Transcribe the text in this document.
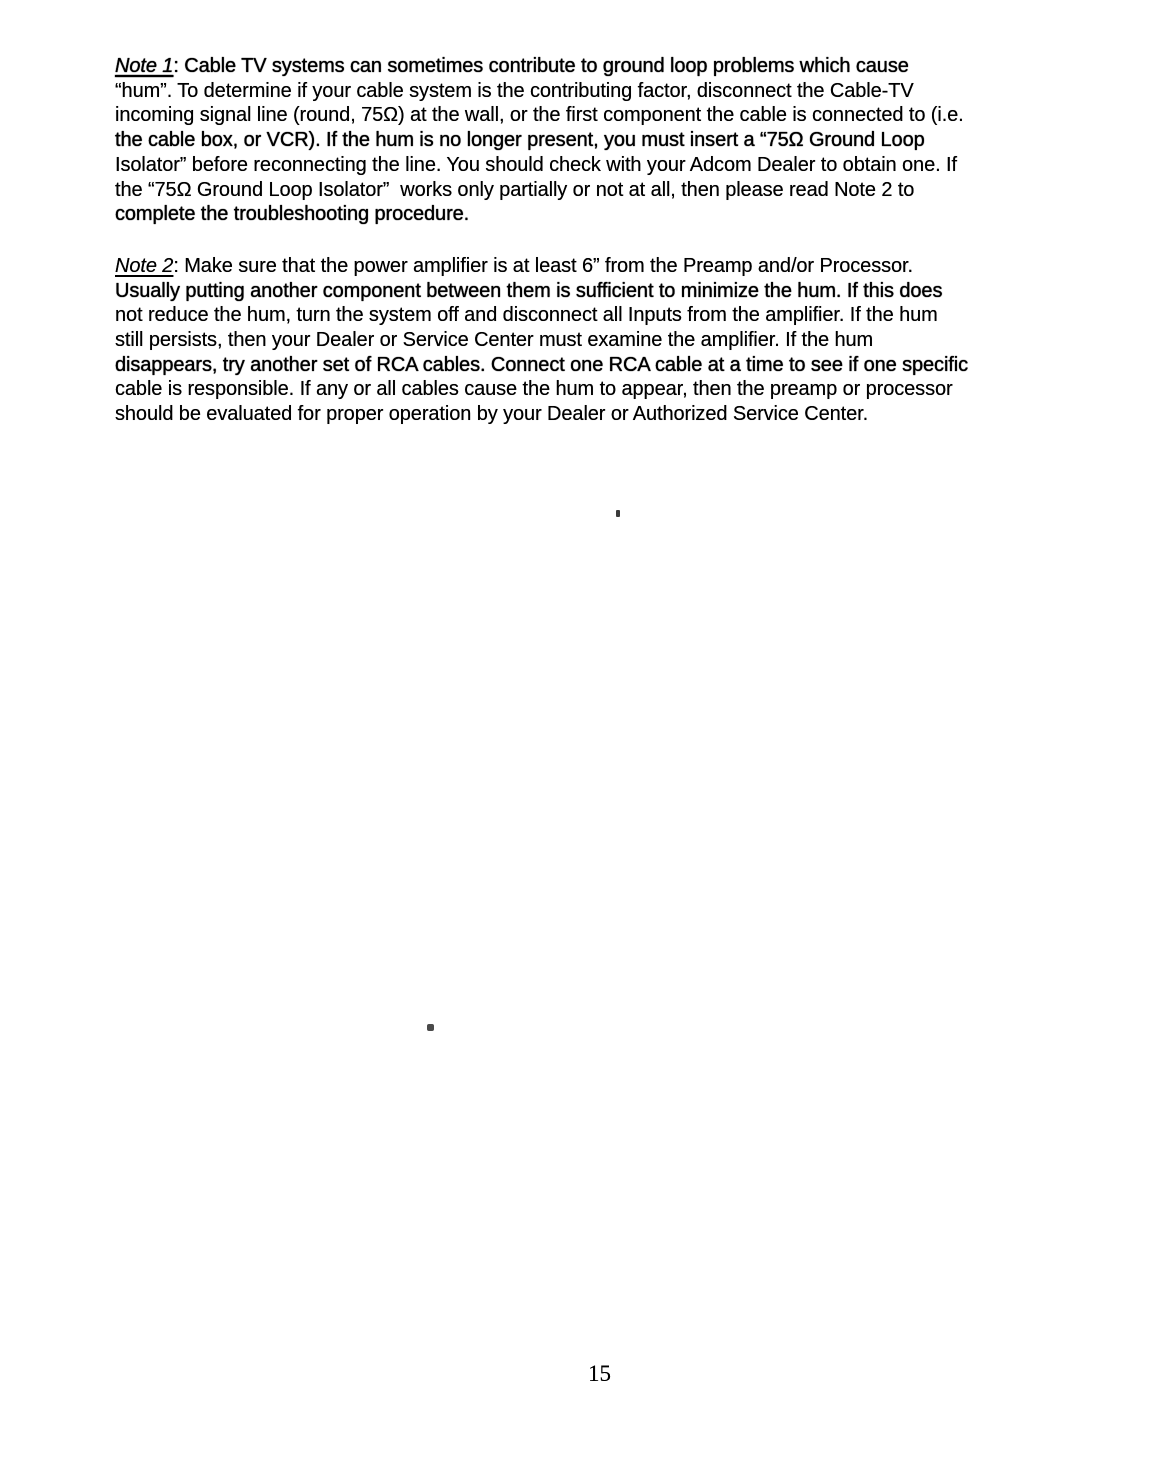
Note 1: Cable TV systems can sometimes contribute to ground loop problems which cause
“hum”. To determine if your cable system is the contributing factor, disconnect the Cable-TV
incoming signal line (round, 75Ω) at the wall, or the first component the cable is connected to (i.e.
the cable box, or VCR). If the hum is no longer present, you must insert a “75Ω Ground Loop
Isolator” before reconnecting the line. You should check with your Adcom Dealer to obtain one. If
the “75Ω Ground Loop Isolator”  works only partially or not at all, then please read Note 2 to
complete the troubleshooting procedure.
Note 2: Make sure that the power amplifier is at least 6” from the Preamp and/or Processor.
Usually putting another component between them is sufficient to minimize the hum. If this does
not reduce the hum, turn the system off and disconnect all Inputs from the amplifier. If the hum
still persists, then your Dealer or Service Center must examine the amplifier. If the hum
disappears, try another set of RCA cables. Connect one RCA cable at a time to see if one specific
cable is responsible. If any or all cables cause the hum to appear, then the preamp or processor
should be evaluated for proper operation by your Dealer or Authorized Service Center.
15
